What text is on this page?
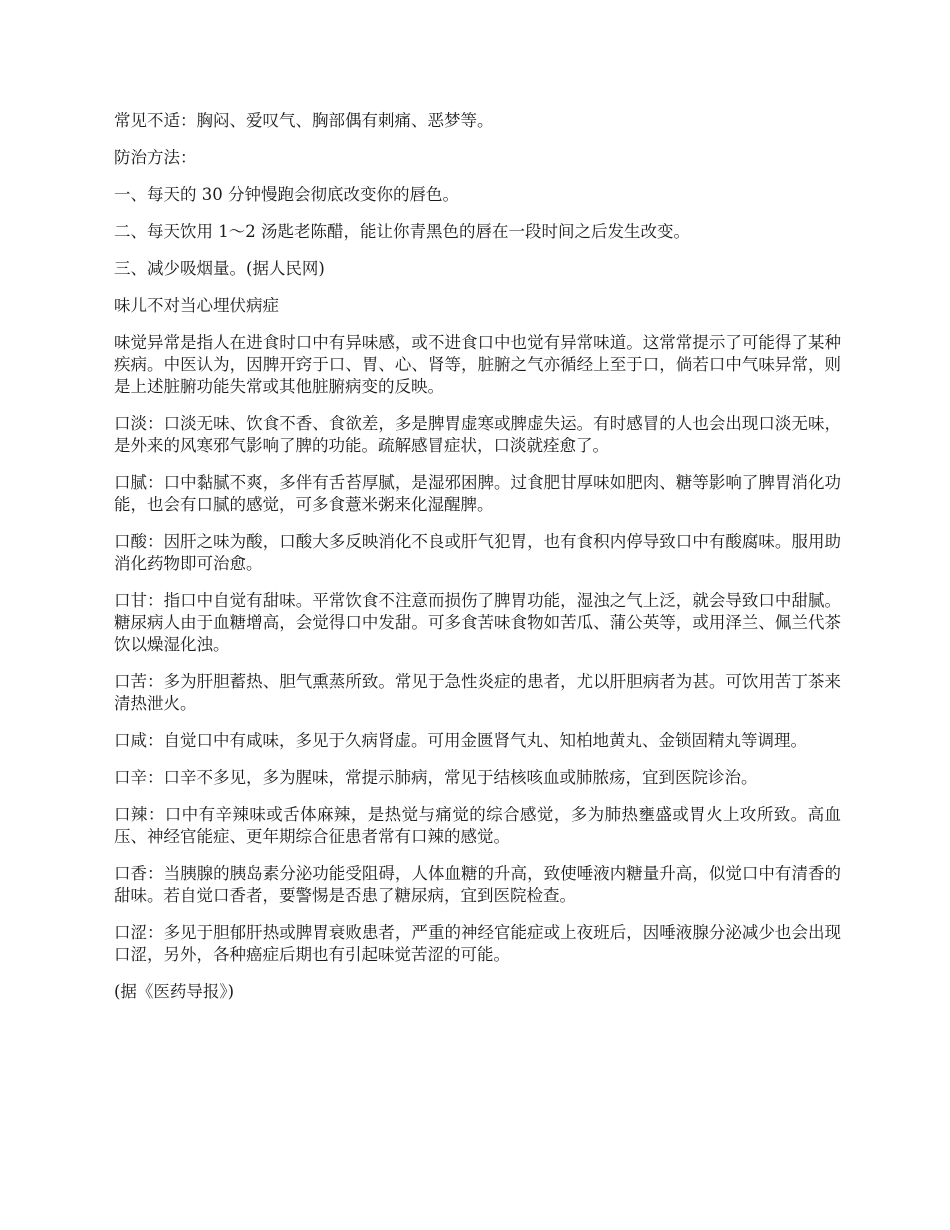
常见不适：胸闷、爱叹气、胸部偶有刺痛、恶梦等。

防治方法：

一、每天的 30 分钟慢跑会彻底改变你的唇色。

二、每天饮用 1～2 汤匙老陈醋，能让你青黑色的唇在一段时间之后发生改变。

三、减少吸烟量。(据人民网)

味儿不对当心埋伏病症

味觉异常是指人在进食时口中有异味感，或不进食口中也觉有异常味道。这常常提示了可能得了某种疾病。中医认为，因脾开窍于口、胃、心、肾等，脏腑之气亦循经上至于口，倘若口中气味异常，则是上述脏腑功能失常或其他脏腑病变的反映。

口淡：口淡无味、饮食不香、食欲差，多是脾胃虚寒或脾虚失运。有时感冒的人也会出现口淡无味，是外来的风寒邪气影响了脾的功能。疏解感冒症状，口淡就痊愈了。

口腻：口中黏腻不爽，多伴有舌苔厚腻，是湿邪困脾。过食肥甘厚味如肥肉、糖等影响了脾胃消化功能，也会有口腻的感觉，可多食薏米粥来化湿醒脾。

口酸：因肝之味为酸，口酸大多反映消化不良或肝气犯胃，也有食积内停导致口中有酸腐味。服用助消化药物即可治愈。

口甘：指口中自觉有甜味。平常饮食不注意而损伤了脾胃功能，湿浊之气上泛，就会导致口中甜腻。糖尿病人由于血糖增高，会觉得口中发甜。可多食苦味食物如苦瓜、蒲公英等，或用泽兰、佩兰代茶饮以燥湿化浊。

口苦：多为肝胆蓄热、胆气熏蒸所致。常见于急性炎症的患者，尤以肝胆病者为甚。可饮用苦丁茶来清热泄火。

口咸：自觉口中有咸味，多见于久病肾虚。可用金匮肾气丸、知柏地黄丸、金锁固精丸等调理。

口辛：口辛不多见，多为腥味，常提示肺病，常见于结核咳血或肺脓疡，宜到医院诊治。

口辣：口中有辛辣味或舌体麻辣，是热觉与痛觉的综合感觉，多为肺热壅盛或胃火上攻所致。高血压、神经官能症、更年期综合征患者常有口辣的感觉。

口香：当胰腺的胰岛素分泌功能受阻碍，人体血糖的升高，致使唾液内糖量升高，似觉口中有清香的甜味。若自觉口香者，要警惕是否患了糖尿病，宜到医院检查。

口涩：多见于胆郁肝热或脾胃衰败患者，严重的神经官能症或上夜班后，因唾液腺分泌减少也会出现口涩，另外，各种癌症后期也有引起味觉苦涩的可能。

(据《医药导报》)
